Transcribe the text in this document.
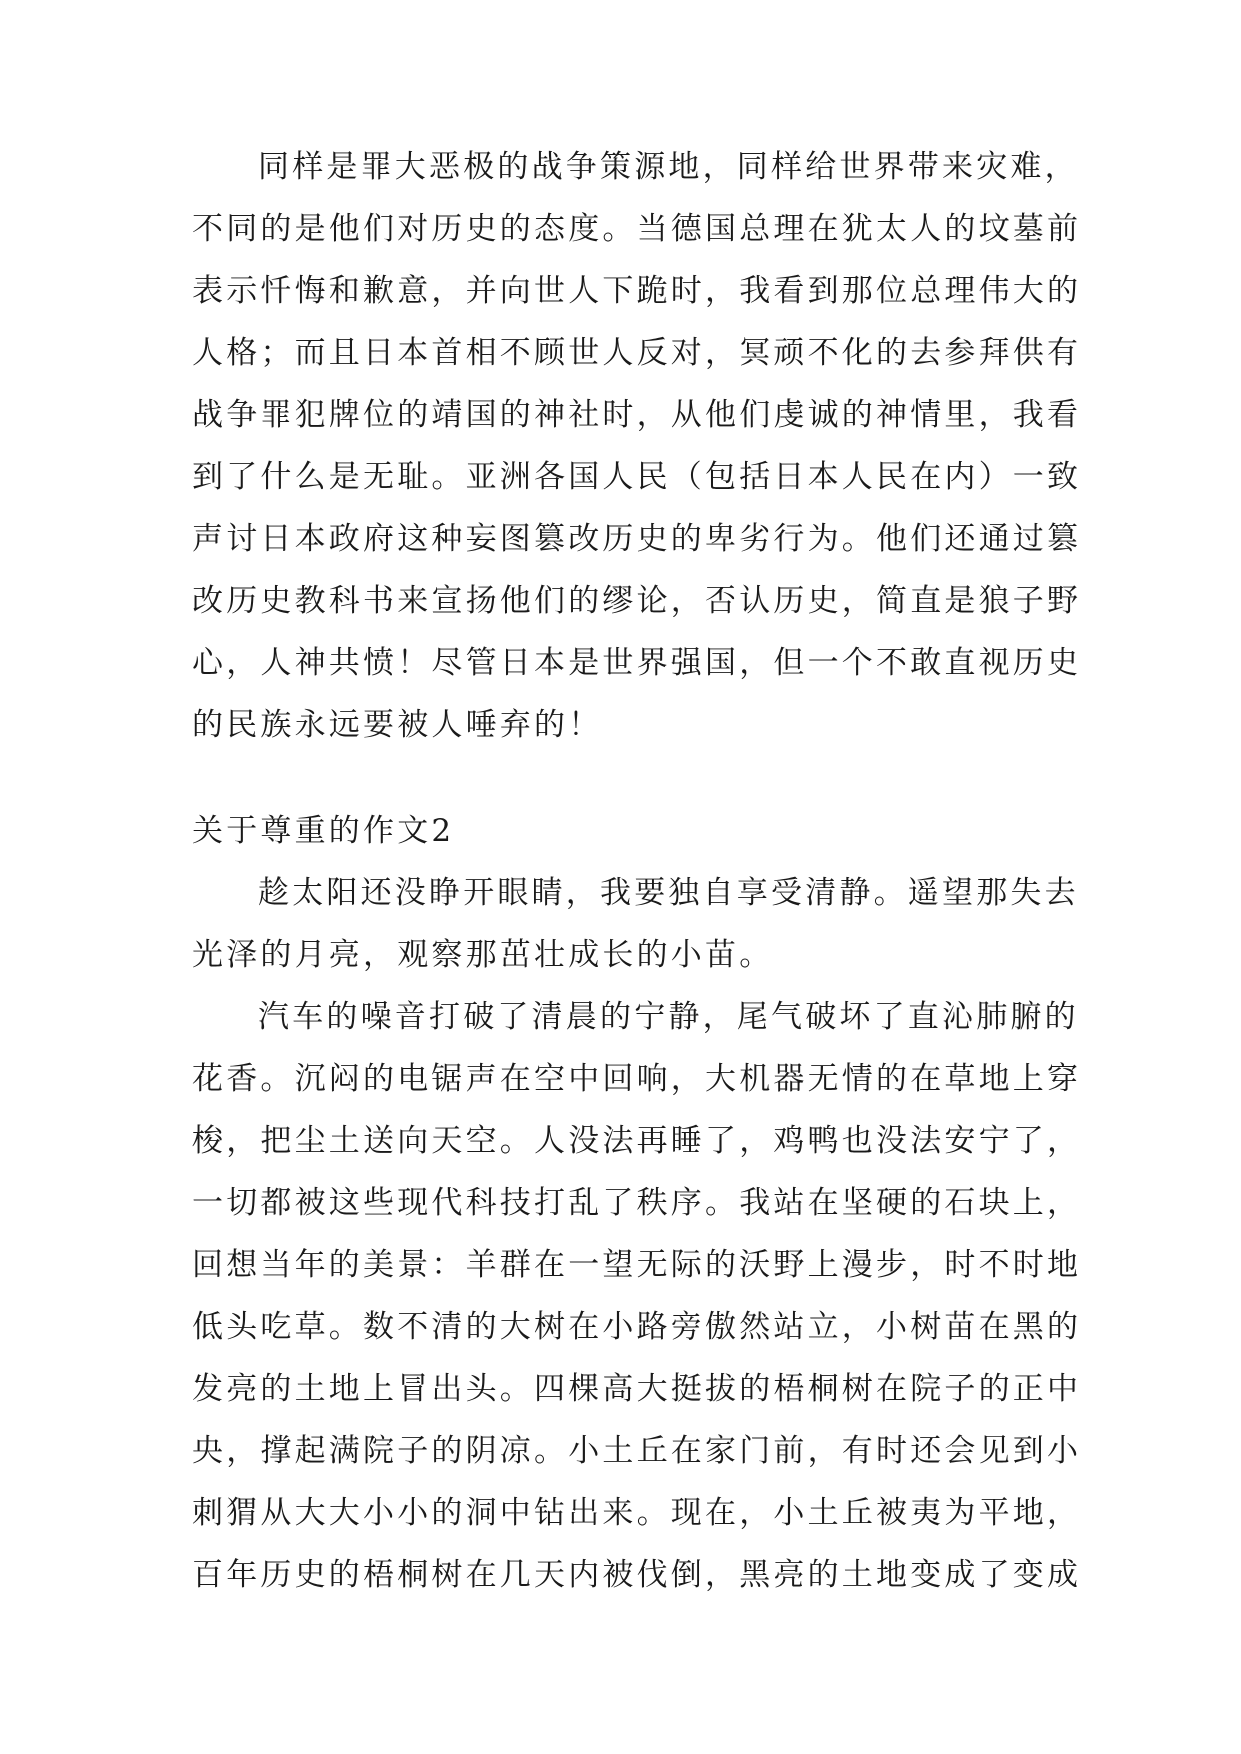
同样是罪大恶极的战争策源地，同样给世界带来灾难，
不同的是他们对历史的态度。当德国总理在犹太人的坟墓前
表示忏悔和歉意，并向世人下跪时，我看到那位总理伟大的
人格；而且日本首相不顾世人反对，冥顽不化的去参拜供有
战争罪犯牌位的靖国的神社时，从他们虔诚的神情里，我看
到了什么是无耻。亚洲各国人民（包括日本人民在内）一致
声讨日本政府这种妄图篡改历史的卑劣行为。他们还通过篡
改历史教科书来宣扬他们的缪论，否认历史，简直是狼子野
心，人神共愤！尽管日本是世界强国，但一个不敢直视历史
的民族永远要被人唾弃的！
关于尊重的作文2
趁太阳还没睁开眼睛，我要独自享受清静。遥望那失去
光泽的月亮，观察那茁壮成长的小苗。
汽车的噪音打破了清晨的宁静，尾气破坏了直沁肺腑的
花香。沉闷的电锯声在空中回响，大机器无情的在草地上穿
梭，把尘土送向天空。人没法再睡了，鸡鸭也没法安宁了，
一切都被这些现代科技打乱了秩序。我站在坚硬的石块上，
回想当年的美景：羊群在一望无际的沃野上漫步，时不时地
低头吃草。数不清的大树在小路旁傲然站立，小树苗在黑的
发亮的土地上冒出头。四棵高大挺拔的梧桐树在院子的正中
央，撑起满院子的阴凉。小土丘在家门前，有时还会见到小
刺猬从大大小小的洞中钻出来。现在，小土丘被夷为平地，
百年历史的梧桐树在几天内被伐倒，黑亮的土地变成了变成
